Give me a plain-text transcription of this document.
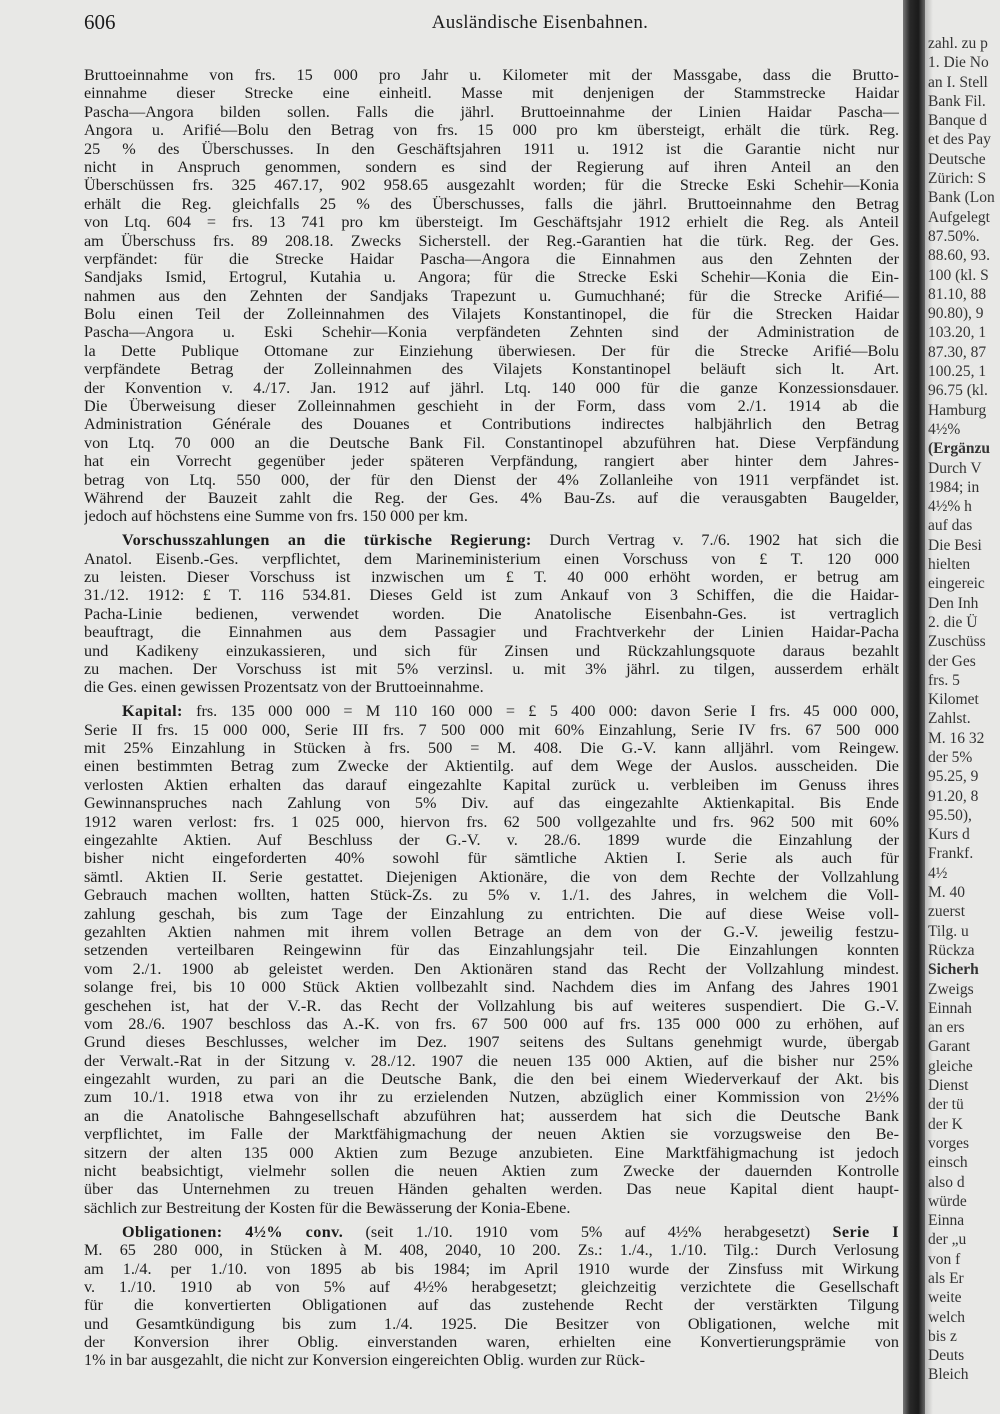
606	Ausländische Eisenbahnen.
Bruttoeinnahme von frs. 15 000 pro Jahr u. Kilometer mit der Massgabe, dass die Brutto-
einnahme dieser Strecke eine einheitl. Masse mit denjenigen der Stammstrecke Haidar
Pascha—Angora bilden sollen. Falls die jährl. Bruttoeinnahme der Linien Haidar Pascha—
Angora u. Arifié—Bolu den Betrag von frs. 15 000 pro km übersteigt, erhält die türk. Reg.
25 % des Überschusses. In den Geschäftsjahren 1911 u. 1912 ist die Garantie nicht nur
nicht in Anspruch genommen, sondern es sind der Regierung auf ihren Anteil an den
Überschüssen frs. 325 467.17, 902 958.65 ausgezahlt worden; für die Strecke Eski Schehir—Konia
erhält die Reg. gleichfalls 25 % des Überschusses, falls die jährl. Bruttoeinnahme den Betrag
von Ltq. 604 = frs. 13 741 pro km übersteigt. Im Geschäftsjahr 1912 erhielt die Reg. als Anteil
am Überschuss frs. 89 208.18. Zwecks Sicherstell. der Reg.-Garantien hat die türk. Reg. der Ges.
verpfändet: für die Strecke Haidar Pascha—Angora die Einnahmen aus den Zehnten der
Sandjaks Ismid, Ertogrul, Kutahia u. Angora; für die Strecke Eski Schehir—Konia die Ein-
nahmen aus den Zehnten der Sandjaks Trapezunt u. Gumuchhané; für die Strecke Arifié—
Bolu einen Teil der Zolleinnahmen des Vilajets Konstantinopel, die für die Strecken Haidar
Pascha—Angora u. Eski Schehir—Konia verpfändeten Zehnten sind der Administration de
la Dette Publique Ottomane zur Einziehung überwiesen. Der für die Strecke Arifié—Bolu
verpfändete Betrag der Zolleinnahmen des Vilajets Konstantinopel beläuft sich lt. Art.
der Konvention v. 4./17. Jan. 1912 auf jährl. Ltq. 140 000 für die ganze Konzessionsdauer.
Die Überweisung dieser Zolleinnahmen geschieht in der Form, dass vom 2./1. 1914 ab die
Administration Générale des Douanes et Contributions indirectes halbjährlich den Betrag
von Ltq. 70 000 an die Deutsche Bank Fil. Constantinopel abzuführen hat. Diese Verpfändung
hat ein Vorrecht gegenüber jeder späteren Verpfändung, rangiert aber hinter dem Jahres-
betrag von Ltq. 550 000, der für den Dienst der 4% Zollanleihe von 1911 verpfändet ist.
Während der Bauzeit zahlt die Reg. der Ges. 4% Bau-Zs. auf die verausgabten Baugelder,
jedoch auf höchstens eine Summe von frs. 150 000 per km.
Vorschusszahlungen an die türkische Regierung: Durch Vertrag v. 7./6. 1902 hat sich die
Anatol. Eisenb.-Ges. verpflichtet, dem Marineministerium einen Vorschuss von £ T. 120 000
zu leisten. Dieser Vorschuss ist inzwischen um £ T. 40 000 erhöht worden, er betrug am
31./12. 1912: £ T. 116 534.81. Dieses Geld ist zum Ankauf von 3 Schiffen, die die Haidar-
Pacha-Linie bedienen, verwendet worden. Die Anatolische Eisenbahn-Ges. ist vertraglich
beauftragt, die Einnahmen aus dem Passagier und Frachtverkehr der Linien Haidar-Pacha
und Kadikeny einzukassieren, und sich für Zinsen und Rückzahlungsquote daraus bezahlt
zu machen. Der Vorschuss ist mit 5% verzinsl. u. mit 3% jährl. zu tilgen, ausserdem erhält
die Ges. einen gewissen Prozentsatz von der Bruttoeinnahme.
Kapital: frs. 135 000 000 = M 110 160 000 = £ 5 400 000: davon Serie I frs. 45 000 000,
Serie II frs. 15 000 000, Serie III frs. 7 500 000 mit 60% Einzahlung, Serie IV frs. 67 500 000
mit 25% Einzahlung in Stücken à frs. 500 = M. 408. Die G.-V. kann alljährl. vom Reingew.
einen bestimmten Betrag zum Zwecke der Aktientilg. auf dem Wege der Auslos. ausscheiden. Die
verlosten Aktien erhalten das darauf eingezahlte Kapital zurück u. verbleiben im Genuss ihres
Gewinnanspruches nach Zahlung von 5% Div. auf das eingezahlte Aktienkapital. Bis Ende
1912 waren verlost: frs. 1 025 000, hiervon frs. 62 500 vollgezahlte und frs. 962 500 mit 60%
eingezahlte Aktien. Auf Beschluss der G.-V. v. 28./6. 1899 wurde die Einzahlung der
bisher nicht eingeforderten 40% sowohl für sämtliche Aktien I. Serie als auch für
sämtl. Aktien II. Serie gestattet. Diejenigen Aktionäre, die von dem Rechte der Vollzahlung
Gebrauch machen wollten, hatten Stück-Zs. zu 5% v. 1./1. des Jahres, in welchem die Voll-
zahlung geschah, bis zum Tage der Einzahlung zu entrichten. Die auf diese Weise voll-
gezahlten Aktien nahmen mit ihrem vollen Betrage an dem von der G.-V. jeweilig festzu-
setzenden verteilbaren Reingewinn für das Einzahlungsjahr teil. Die Einzahlungen konnten
vom 2./1. 1900 ab geleistet werden. Den Aktionären stand das Recht der Vollzahlung mindest.
solange frei, bis 10 000 Stück Aktien vollbezahlt sind. Nachdem dies im Anfang des Jahres 1901
geschehen ist, hat der V.-R. das Recht der Vollzahlung bis auf weiteres suspendiert. Die G.-V.
vom 28./6. 1907 beschloss das A.-K. von frs. 67 500 000 auf frs. 135 000 000 zu erhöhen, auf
Grund dieses Beschlusses, welcher im Dez. 1907 seitens des Sultans genehmigt wurde, übergab
der Verwalt.-Rat in der Sitzung v. 28./12. 1907 die neuen 135 000 Aktien, auf die bisher nur 25%
eingezahlt wurden, zu pari an die Deutsche Bank, die den bei einem Wiederverkauf der Akt. bis
zum 10./1. 1918 etwa von ihr zu erzielenden Nutzen, abzüglich einer Kommission von 2½%
an die Anatolische Bahngesellschaft abzuführen hat; ausserdem hat sich die Deutsche Bank
verpflichtet, im Falle der Marktfähigmachung der neuen Aktien sie vorzugsweise den Be-
sitzern der alten 135 000 Aktien zum Bezuge anzubieten. Eine Marktfähigmachung ist jedoch
nicht beabsichtigt, vielmehr sollen die neuen Aktien zum Zwecke der dauernden Kontrolle
über das Unternehmen zu treuen Händen gehalten werden. Das neue Kapital dient haupt-
sächlich zur Bestreitung der Kosten für die Bewässerung der Konia-Ebene.
Obligationen: 4½% conv. (seit 1./10. 1910 vom 5% auf 4½% herabgesetzt) Serie I
M. 65 280 000, in Stücken à M. 408, 2040, 10 200. Zs.: 1./4., 1./10. Tilg.: Durch Verlosung
am 1./4. per 1./10. von 1895 ab bis 1984; im April 1910 wurde der Zinsfuss mit Wirkung
v. 1./10. 1910 ab von 5% auf 4½% herabgesetzt; gleichzeitig verzichtete die Gesellschaft
für die konvertierten Obligationen auf das zustehende Recht der verstärkten Tilgung
und Gesamtkündigung bis zum 1./4. 1925. Die Besitzer von Obligationen, welche mit
der Konversion ihrer Oblig. einverstanden waren, erhielten eine Konvertierungsprämie von
1% in bar ausgezahlt, die nicht zur Konversion eingereichten Oblig. wurden zur Rück-
zahl. zu p
1. Die No
an I. Stell
Bank Fil.
Banque d
et des Pay
Deutsche
Zürich: S
Bank (Lon
Aufgelegt
87.50%.
88.60, 93.
100 (kl. S
81.10, 88
90.80), 9
103.20, 1
87.30, 87
100.25, 1
96.75 (kl.
Hamburg
4½%
(Ergänzu
Durch V
1984; in
4½% h
auf das
Die Besi
hielten
eingereic
Den Inh
2. die Ü
Zuschüss
der Ges
frs. 5
Kilomet
Zahlst.
M. 16 32
der 5%
95.25, 9
91.20, 8
95.50),
Kurs d
Frankf.
4½
M. 40
zuerst
Tilg. u
Rückza
Sicherh
Zweigs
Einnah
an ers
Garant
gleiche
Dienst
der tü
der K
vorges
einsch
also d
würde
Einna
der „u
von f
als Er
weite
welch
bis z
Deuts
Bleich
